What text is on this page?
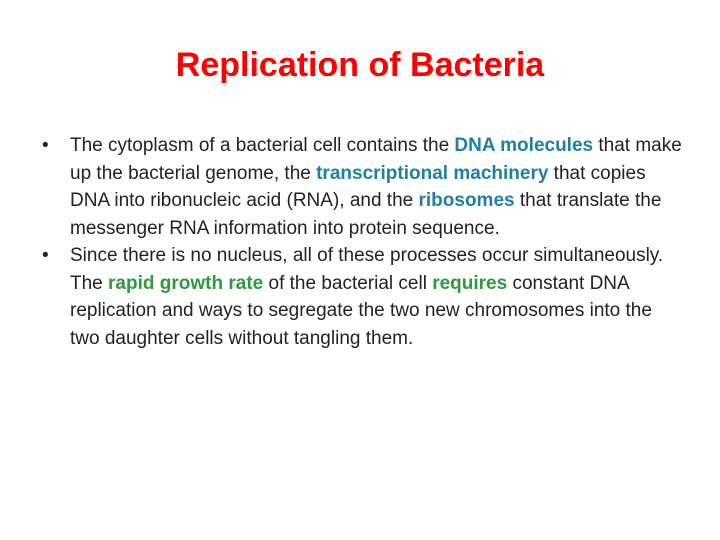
Replication of Bacteria
• The cytoplasm of a bacterial cell contains the DNA molecules that make up the bacterial genome, the transcriptional machinery that copies DNA into ribonucleic acid (RNA), and the ribosomes that translate the messenger RNA information into protein sequence.
• Since there is no nucleus, all of these processes occur simultaneously. The rapid growth rate of the bacterial cell requires constant DNA replication and ways to segregate the two new chromosomes into the two daughter cells without tangling them.
